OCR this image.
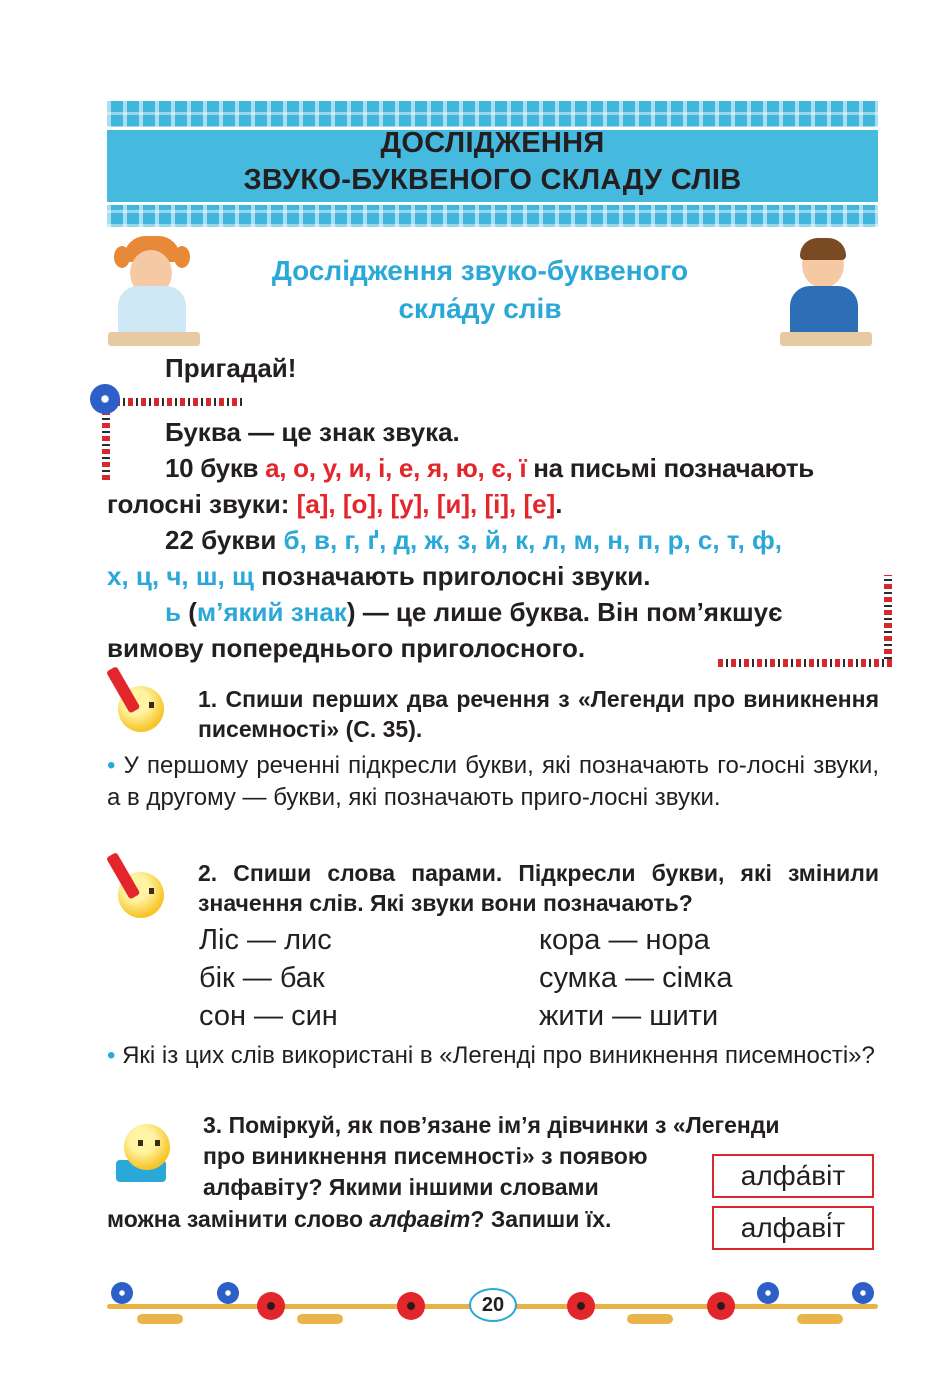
ДОСЛІДЖЕННЯ
ЗВУКО-БУКВЕНОГО СКЛАДУ СЛІВ
Дослідження звуко-буквеного
скла́ду слів
Пригадай!
Буква — це знак звука.
10 букв а, о, у, и, і, е, я, ю, є, ї на письмі позначають
голосні звуки: [а], [о], [у], [и], [і], [е].
22 букви б, в, г, ґ, д, ж, з, й, к, л, м, н, п, р, с, т, ф,
х, ц, ч, ш, щ позначають приголосні звуки.
ь (м’який знак) — це лише буква. Він пом’якшує
вимову попереднього приголосного.
1. Спиши перших два речення з «Легенди про виникнення писемності» (С. 35).
• У першому реченні підкресли букви, які позначають го-лосні звуки, а в другому — букви, які позначають приго-лосні звуки.
2. Спиши слова парами. Підкресли букви, які змінили значення слів. Які звуки вони позначають?
Ліс — лис
бік — бак
сон — син
кора — нора
сумка — сімка
жити — шити
• Які із цих слів використані в «Легенді про виникнення писемності»?
3. Поміркуй, як пов’язане ім’я дівчинки з «Легенди
про виникнення писемності» з появою
алфавіту? Якими іншими словами
можна замінити слово алфавіт? Запиши їх.
алфа́віт
алфаві́т
20
